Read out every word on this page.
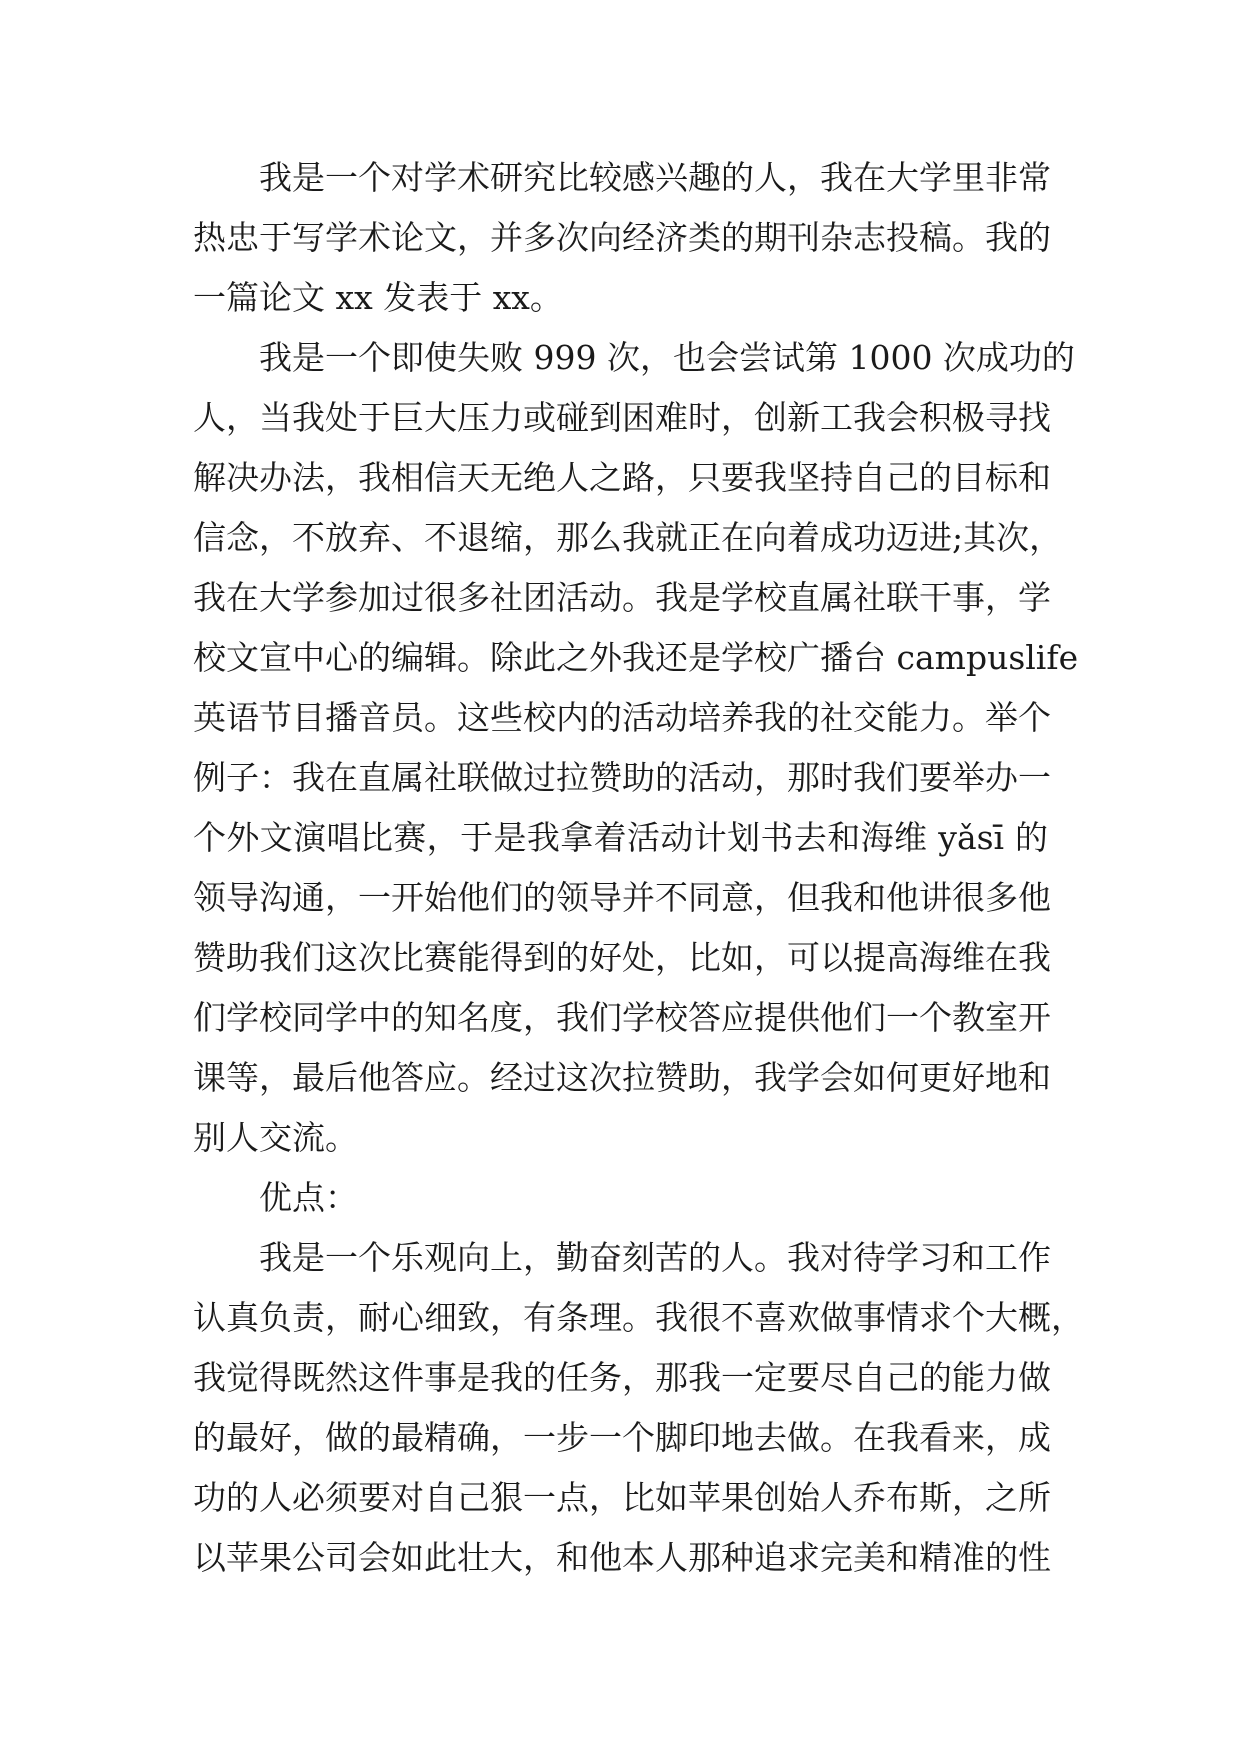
我是一个对学术研究比较感兴趣的人，我在大学里非常
热忠于写学术论文，并多次向经济类的期刊杂志投稿。我的
一篇论文 xx 发表于 xx。
我是一个即使失败 999 次，也会尝试第 1000 次成功的
人，当我处于巨大压力或碰到困难时，创新工我会积极寻找
解决办法，我相信天无绝人之路，只要我坚持自己的目标和
信念，不放弃、不退缩，那么我就正在向着成功迈进;其次，
我在大学参加过很多社团活动。我是学校直属社联干事，学
校文宣中心的编辑。除此之外我还是学校广播台 campuslife
英语节目播音员。这些校内的活动培养我的社交能力。举个
例子：我在直属社联做过拉赞助的活动，那时我们要举办一
个外文演唱比赛，于是我拿着活动计划书去和海维 yǎsī 的
领导沟通，一开始他们的领导并不同意，但我和他讲很多他
赞助我们这次比赛能得到的好处，比如，可以提高海维在我
们学校同学中的知名度，我们学校答应提供他们一个教室开
课等，最后他答应。经过这次拉赞助，我学会如何更好地和
别人交流。
优点：
我是一个乐观向上，勤奋刻苦的人。我对待学习和工作
认真负责，耐心细致，有条理。我很不喜欢做事情求个大概，
我觉得既然这件事是我的任务，那我一定要尽自己的能力做
的最好，做的最精确，一步一个脚印地去做。在我看来，成
功的人必须要对自己狠一点，比如苹果创始人乔布斯，之所
以苹果公司会如此壮大，和他本人那种追求完美和精准的性
